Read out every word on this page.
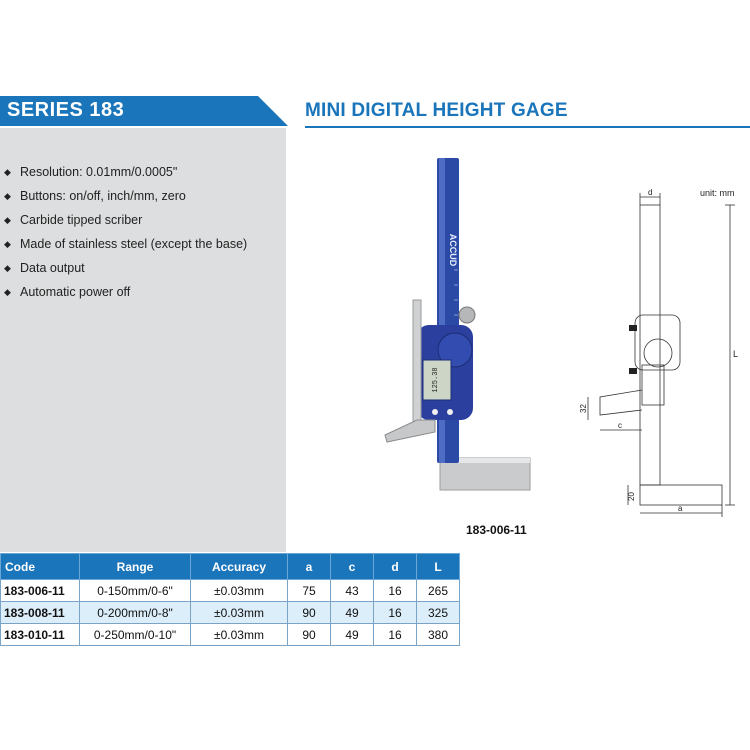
SERIES 183	MINI DIGITAL HEIGHT GAGE
◆ Resolution: 0.01mm/0.0005"
◆ Buttons: on/off, inch/mm, zero
◆ Carbide tipped scriber
◆ Made of stainless steel (except the base)
◆ Data output
◆ Automatic power off
ACCUD
125.38
183-006-11
unit: mm
d
L
c
a
32
20
Code	Range	Accuracy	a	c	d	L
183-006-11	0-150mm/0-6"	±0.03mm	75	43	16	265
183-008-11	0-200mm/0-8"	±0.03mm	90	49	16	325
183-010-11	0-250mm/0-10"	±0.03mm	90	49	16	380
